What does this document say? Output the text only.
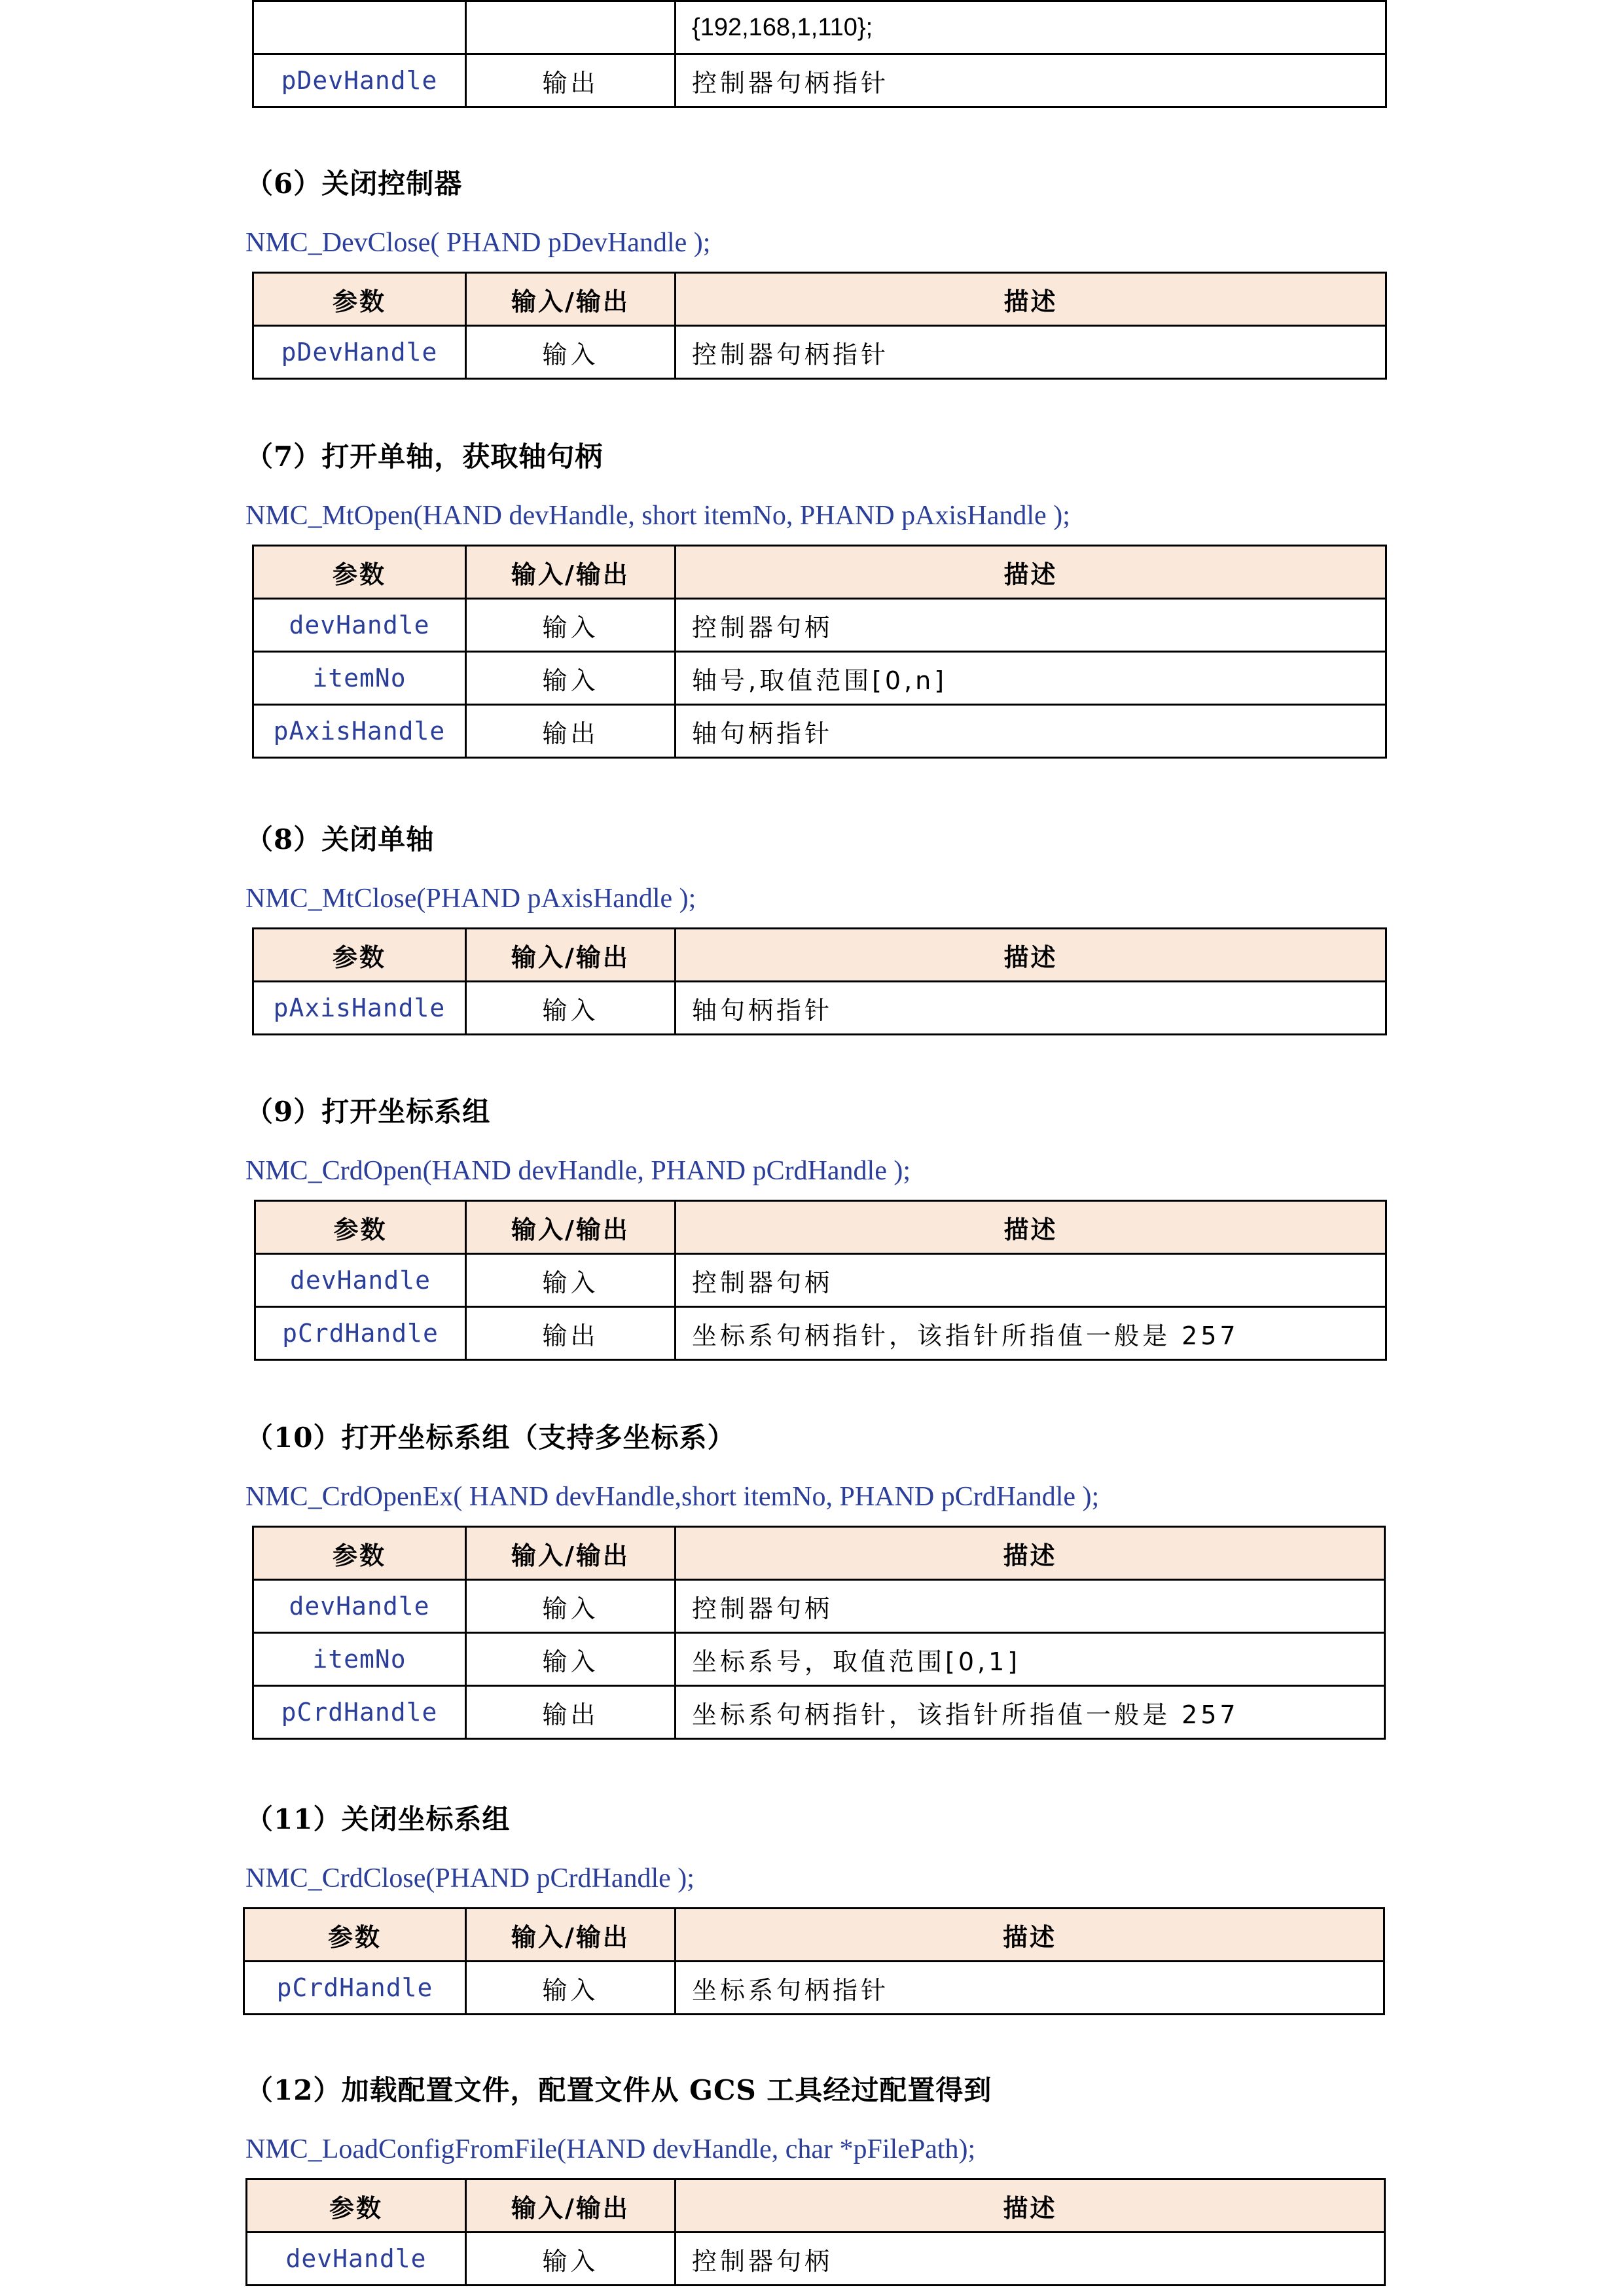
		{192,168,1,110};
pDevHandle	输出	控制器句柄指针
（6）关闭控制器
NMC_DevClose( PHAND pDevHandle );
参数	输入/输出	描述
pDevHandle	输入	控制器句柄指针
（7）打开单轴，获取轴句柄
NMC_MtOpen(HAND devHandle, short itemNo, PHAND pAxisHandle );
参数	输入/输出	描述
devHandle	输入	控制器句柄
itemNo	输入	轴号,取值范围[0,n]
pAxisHandle	输出	轴句柄指针
（8）关闭单轴
NMC_MtClose(PHAND pAxisHandle );
参数	输入/输出	描述
pAxisHandle	输入	轴句柄指针
（9）打开坐标系组
NMC_CrdOpen(HAND devHandle, PHAND pCrdHandle );
参数	输入/输出	描述
devHandle	输入	控制器句柄
pCrdHandle	输出	坐标系句柄指针，该指针所指值一般是 257
（10）打开坐标系组（支持多坐标系）
NMC_CrdOpenEx( HAND devHandle,short itemNo, PHAND pCrdHandle );
参数	输入/输出	描述
devHandle	输入	控制器句柄
itemNo	输入	坐标系号，取值范围[0,1]
pCrdHandle	输出	坐标系句柄指针，该指针所指值一般是 257
（11）关闭坐标系组
NMC_CrdClose(PHAND pCrdHandle );
参数	输入/输出	描述
pCrdHandle	输入	坐标系句柄指针
（12）加载配置文件，配置文件从 GCS 工具经过配置得到
NMC_LoadConfigFromFile(HAND devHandle, char *pFilePath);
参数	输入/输出	描述
devHandle	输入	控制器句柄
